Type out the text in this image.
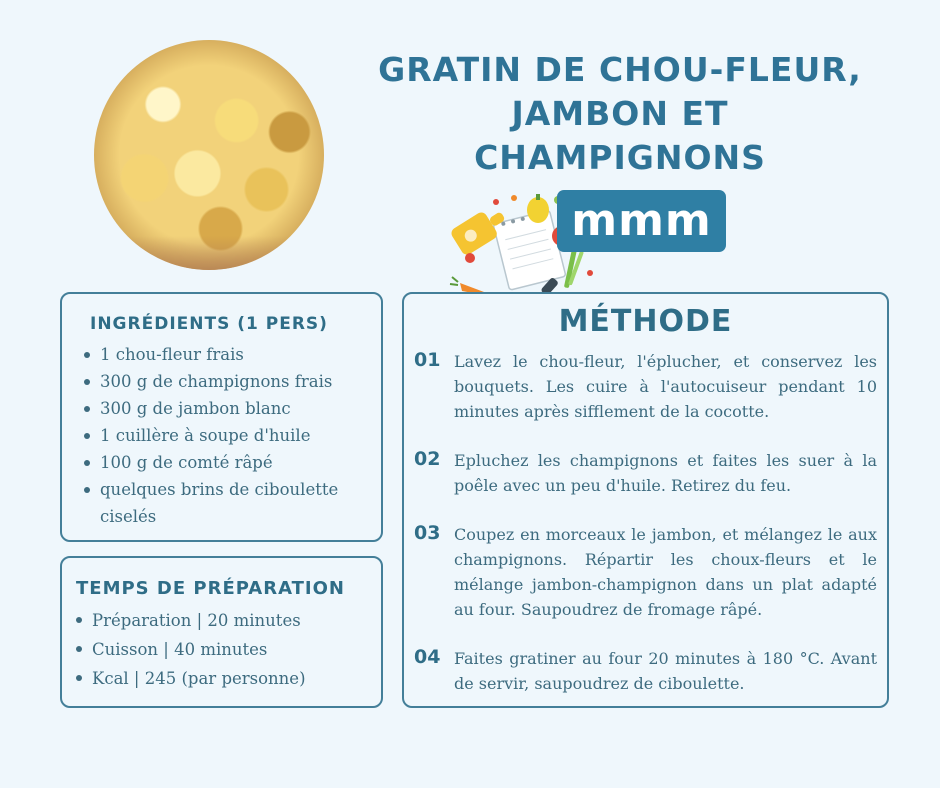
GRATIN DE CHOU-FLEUR, JAMBON ET CHAMPIGNONS
mmm
INGRÉDIENTS (1 PERS)
1 chou-fleur frais
300 g de champignons frais
300 g de jambon blanc
1 cuillère à soupe d'huile
100 g de comté râpé
quelques brins de ciboulette ciselés
TEMPS DE PRÉPARATION
Préparation | 20 minutes
Cuisson | 40 minutes
Kcal | 245 (par personne)
MÉTHODE
01 Lavez le chou-fleur, l'éplucher, et conservez les bouquets. Les cuire à l'autocuiseur pendant 10 minutes après sifflement de la cocotte.
02 Epluchez les champignons et faites les suer à la poêle avec un peu d'huile. Retirez du feu.
03 Coupez en morceaux le jambon, et mélangez le aux champignons. Répartir les choux-fleurs et le mélange jambon-champignon dans un plat adapté au four. Saupoudrez de fromage râpé.
04 Faites gratiner au four 20 minutes à 180 °C. Avant de servir, saupoudrez de ciboulette.
